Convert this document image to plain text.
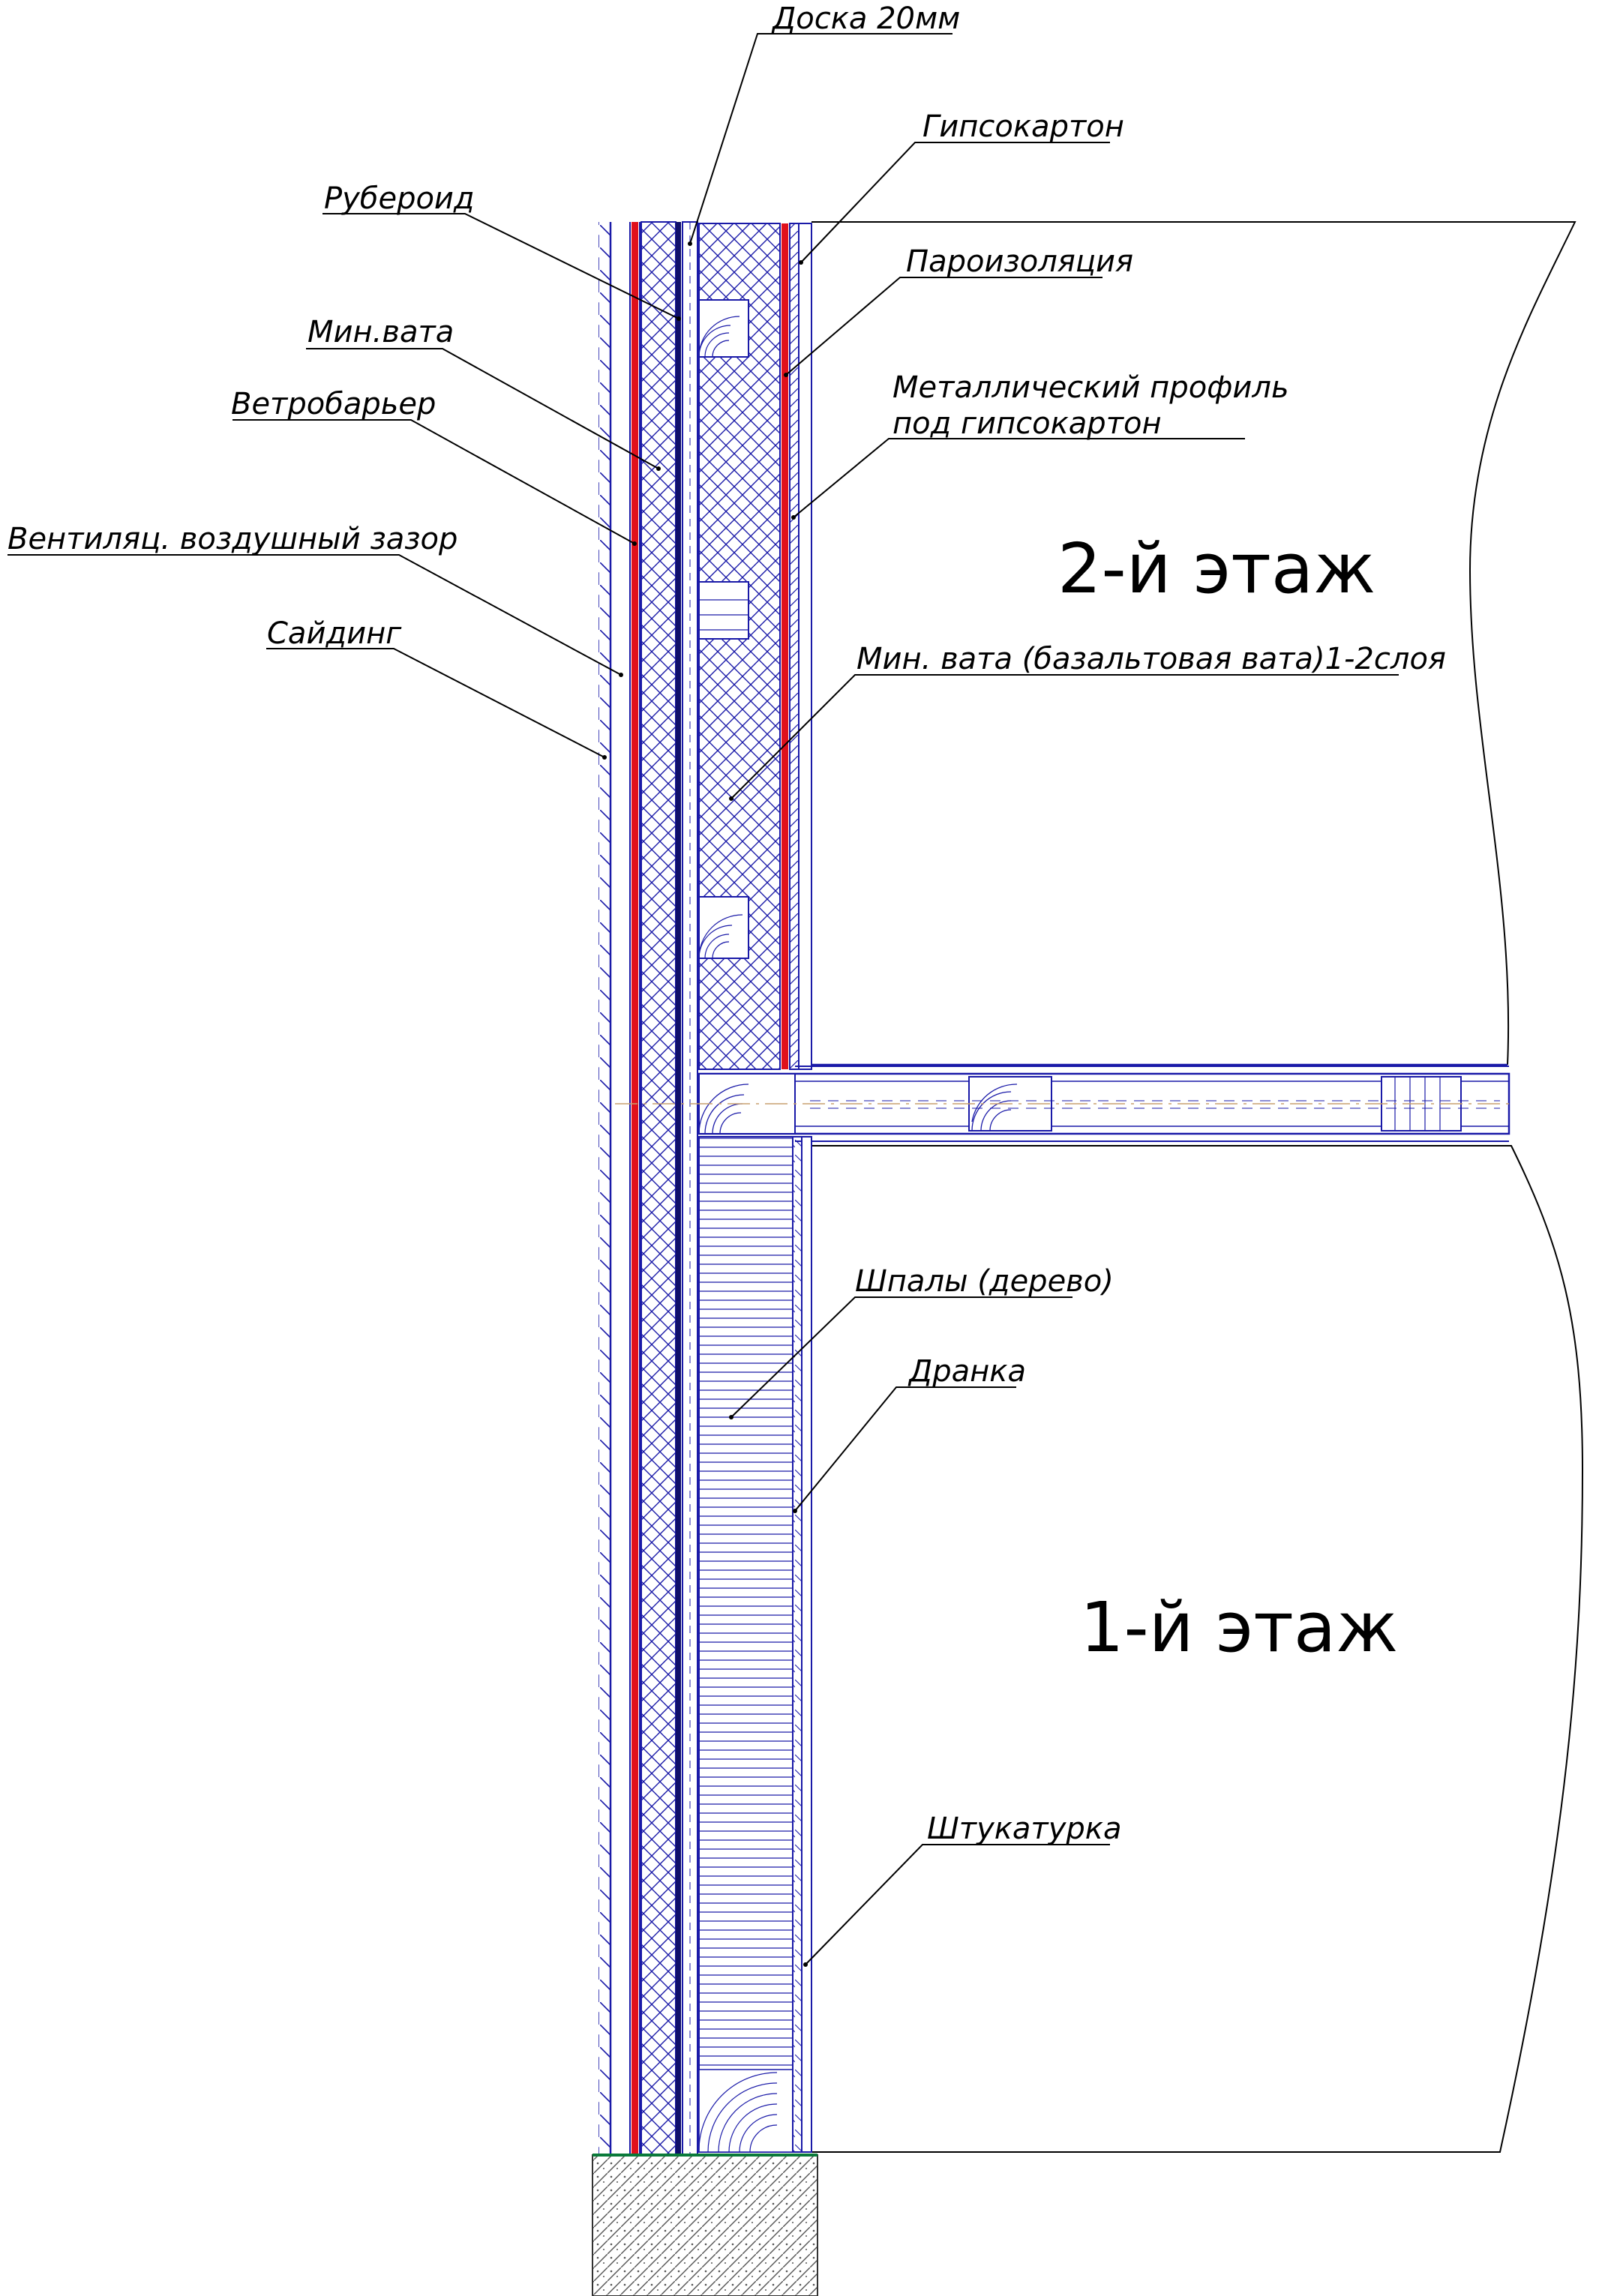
Доска 20мм
Гипсокартон
Рубероид
Пароизоляция
Мин.вата
Металлический профиль
под гипсокартон
Ветробарьер
Вентиляц. воздушный зазор
Сайдинг
Мин. вата (базальтовая вата)1-2слоя
Шпалы (дерево)
Дранка
Штукатурка
2-й этаж
1-й этаж
